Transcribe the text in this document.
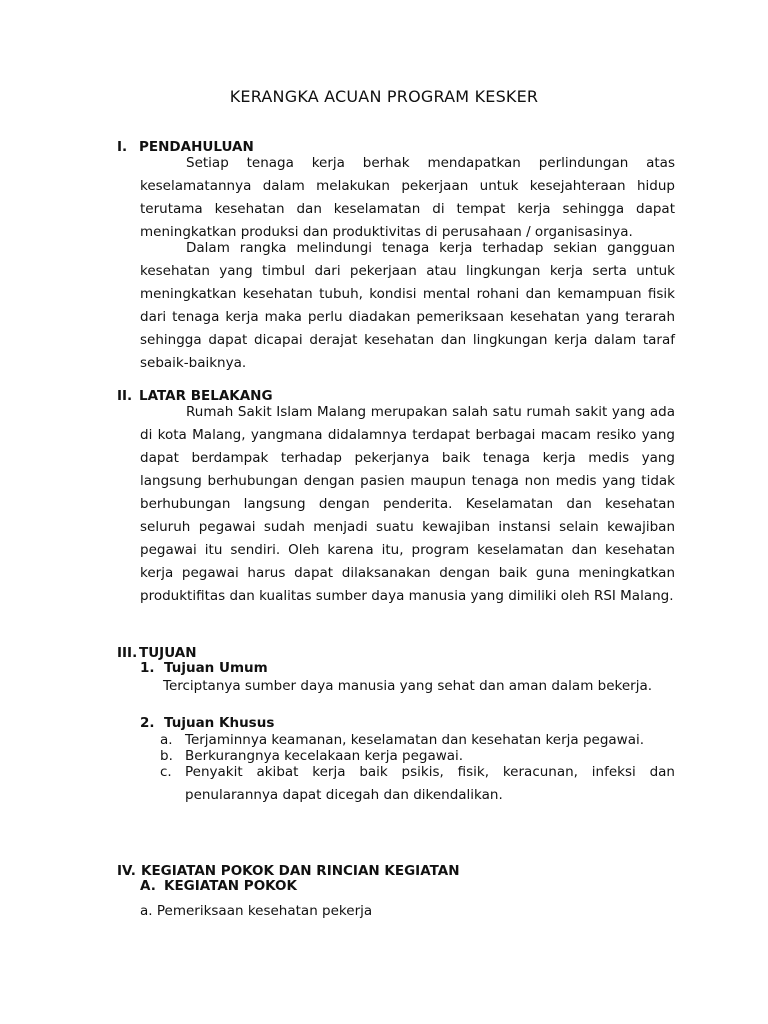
KERANGKA ACUAN PROGRAM KESKER
I. PENDAHULUAN
Setiap tenaga kerja berhak mendapatkan perlindungan atas keselamatannya dalam melakukan pekerjaan untuk kesejahteraan hidup terutama kesehatan dan keselamatan di tempat kerja sehingga dapat meningkatkan produksi dan produktivitas di perusahaan / organisasinya.
Dalam rangka melindungi tenaga kerja terhadap sekian gangguan kesehatan yang timbul dari pekerjaan atau lingkungan kerja serta untuk meningkatkan kesehatan tubuh, kondisi mental rohani dan kemampuan fisik dari tenaga kerja maka perlu diadakan pemeriksaan kesehatan yang terarah sehingga dapat dicapai derajat kesehatan dan lingkungan kerja dalam taraf sebaik-baiknya.
II. LATAR BELAKANG
Rumah Sakit Islam Malang merupakan salah satu rumah sakit yang ada di kota Malang, yangmana didalamnya terdapat berbagai macam resiko yang dapat berdampak terhadap pekerjanya baik tenaga kerja medis yang langsung berhubungan dengan pasien maupun tenaga non medis yang tidak berhubungan langsung dengan penderita. Keselamatan dan kesehatan seluruh pegawai sudah menjadi suatu kewajiban instansi selain kewajiban pegawai itu sendiri. Oleh karena itu, program keselamatan dan kesehatan kerja pegawai harus dapat dilaksanakan dengan baik guna meningkatkan produktifitas dan kualitas sumber daya manusia yang dimiliki oleh RSI Malang.
III. TUJUAN
1. Tujuan Umum
Terciptanya sumber daya manusia yang sehat dan aman dalam bekerja.
2. Tujuan Khusus
a. Terjaminnya keamanan, keselamatan dan kesehatan kerja pegawai.
b. Berkurangnya kecelakaan kerja pegawai.
c. Penyakit akibat kerja baik psikis, fisik, keracunan, infeksi dan penularannya dapat dicegah dan dikendalikan.
IV. KEGIATAN POKOK DAN RINCIAN KEGIATAN
A. KEGIATAN POKOK
a. Pemeriksaan kesehatan pekerja
